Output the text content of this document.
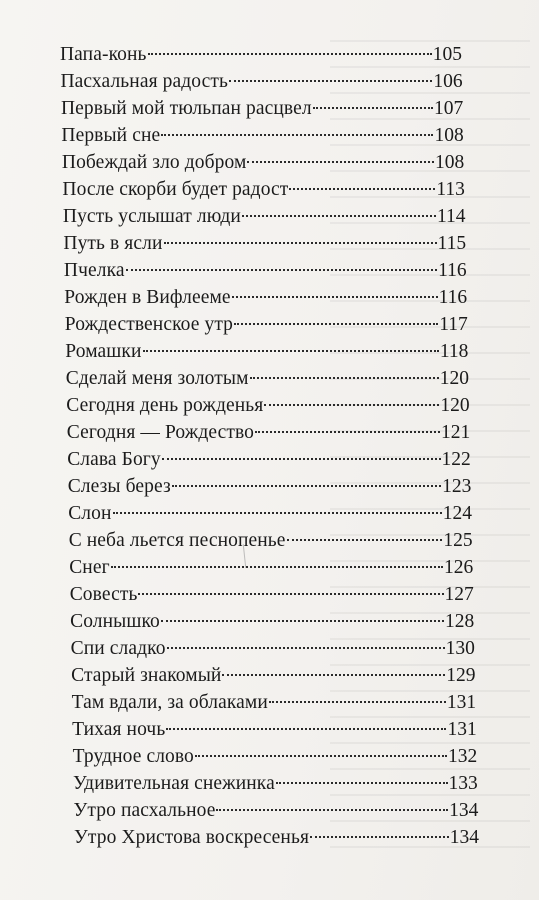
Папа-конь	105
Пасхальная радость	106
Первый мой тюльпан расцвел	107
Первый сне	108
Побеждай зло добром	108
После скорби будет радост	113
Пусть услышат люди	114
Путь в ясли	115
Пчелка	116
Рожден в Вифлееме	116
Рождественское утр	117
Ромашки	118
Сделай меня золотым	120
Сегодня день рожденья	120
Сегодня — Рождество	121
Слава Богу	122
Слезы берез	123
Слон	124
С неба льется песнопенье	125
Снег	126
Совесть	127
Солнышко	128
Спи сладко	130
Старый знакомый	129
Там вдали, за облаками	131
Тихая ночь	131
Трудное слово	132
Удивительная снежинка	133
Утро пасхальное	134
Утро Христова воскресенья	134
